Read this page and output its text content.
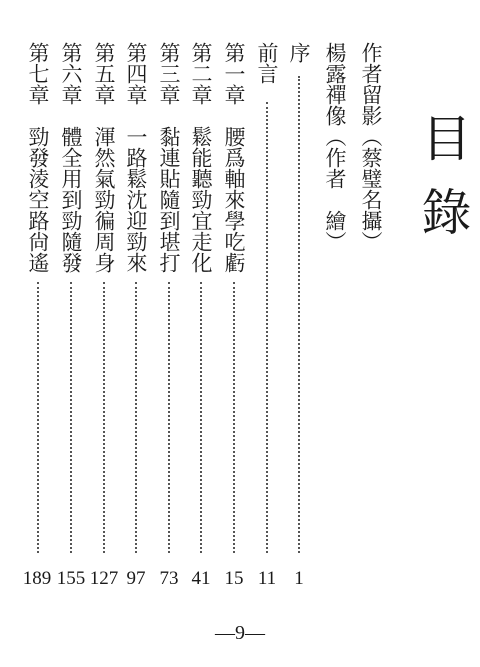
目錄
作者留影（蔡璧名攝）
楊露禪像（作者　繪）
序
前言
第一章　腰爲軸來學吃虧
第二章　鬆能聽勁宜走化
第三章　黏連貼隨到堪打
第四章　一路鬆沈迎勁來
第五章　渾然氣勁徧周身
第六章　體全用到勁隨發
第七章　勁發淩空路尙遙
1
11
15
41
73
97
127
155
189
—9—
